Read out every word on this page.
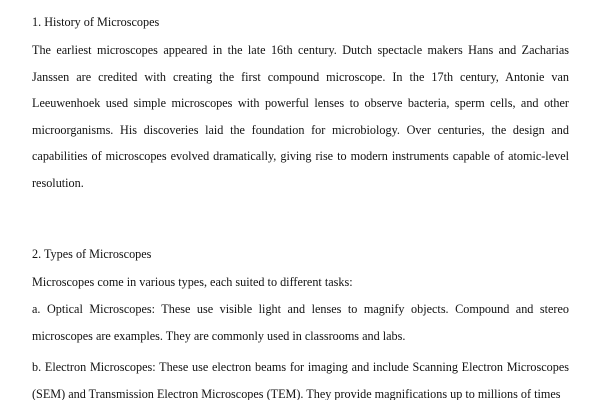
1. History of Microscopes

The earliest microscopes appeared in the late 16th century. Dutch spectacle makers Hans and Zacharias Janssen are credited with creating the first compound microscope. In the 17th century, Antonie van Leeuwenhoek used simple microscopes with powerful lenses to observe bacteria, sperm cells, and other microorganisms. His discoveries laid the foundation for microbiology. Over centuries, the design and capabilities of microscopes evolved dramatically, giving rise to modern instruments capable of atomic-level resolution.

2. Types of Microscopes

Microscopes come in various types, each suited to different tasks:

a. Optical Microscopes: These use visible light and lenses to magnify objects. Compound and stereo microscopes are examples. They are commonly used in classrooms and labs.

b. Electron Microscopes: These use electron beams for imaging and include Scanning Electron Microscopes (SEM) and Transmission Electron Microscopes (TEM). They provide magnifications up to millions of times
